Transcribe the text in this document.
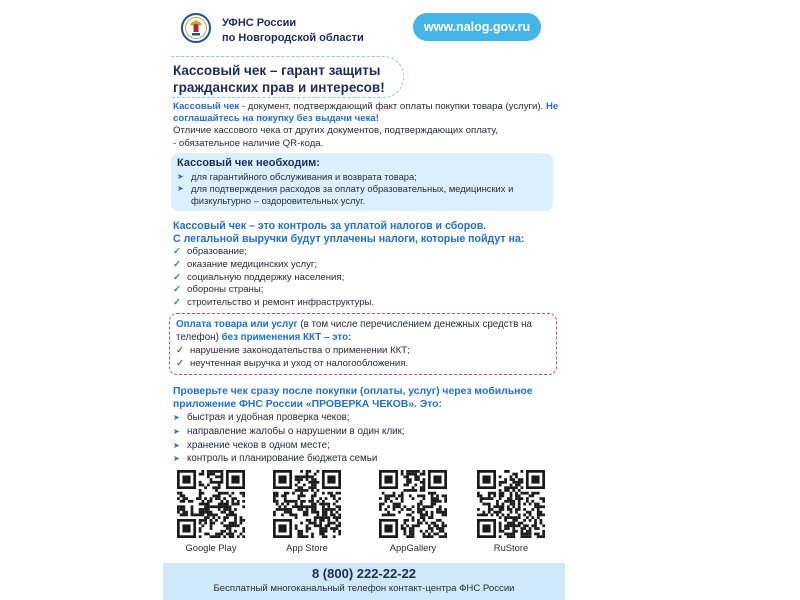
УФНС России
по Новгородской области
www.nalog.gov.ru
Кассовый чек – гарант защиты
гражданских прав и интересов!
Кассовый чек - документ, подтверждающий факт оплаты покупки товара (услуги). Не соглашайтесь на покупку без выдачи чека!
Отличие кассового чека от других документов, подтверждающих оплату,
- обязательное наличие QR-кода.
Кассовый чек необходим:
➤ для гарантийного обслуживания и возврата товара;
➤ для подтверждения расходов за оплату образовательных, медицинских и физкультурно – оздоровительных услуг.
Кассовый чек – это контроль за уплатой налогов и сборов.
С легальной выручки будут уплачены налоги, которые пойдут на:
✓ образование;
✓ оказание медицинских услуг;
✓ социальную поддержку населения;
✓ обороны страны;
✓ строительство и ремонт инфраструктуры.
Оплата товара или услуг (в том числе перечислением денежных средств на телефон) без применения ККТ – это:
✓ нарушение законодательства о применении ККТ;
✓ неучтенная выручка и уход от налогообложения.
Проверьте чек сразу после покупки (оплаты, услуг) через мобильное приложение ФНС России «ПРОВЕРКА ЧЕКОВ». Это:
➤ быстрая и удобная проверка чеков;
➤ направление жалобы о нарушении в один клик;
➤ хранение чеков в одном месте;
➤ контроль и планирование бюджета семьи
Google Play	App Store	AppGallery	RuStore
8 (800) 222-22-22
Бесплатный многоканальный телефон контакт-центра ФНС России
